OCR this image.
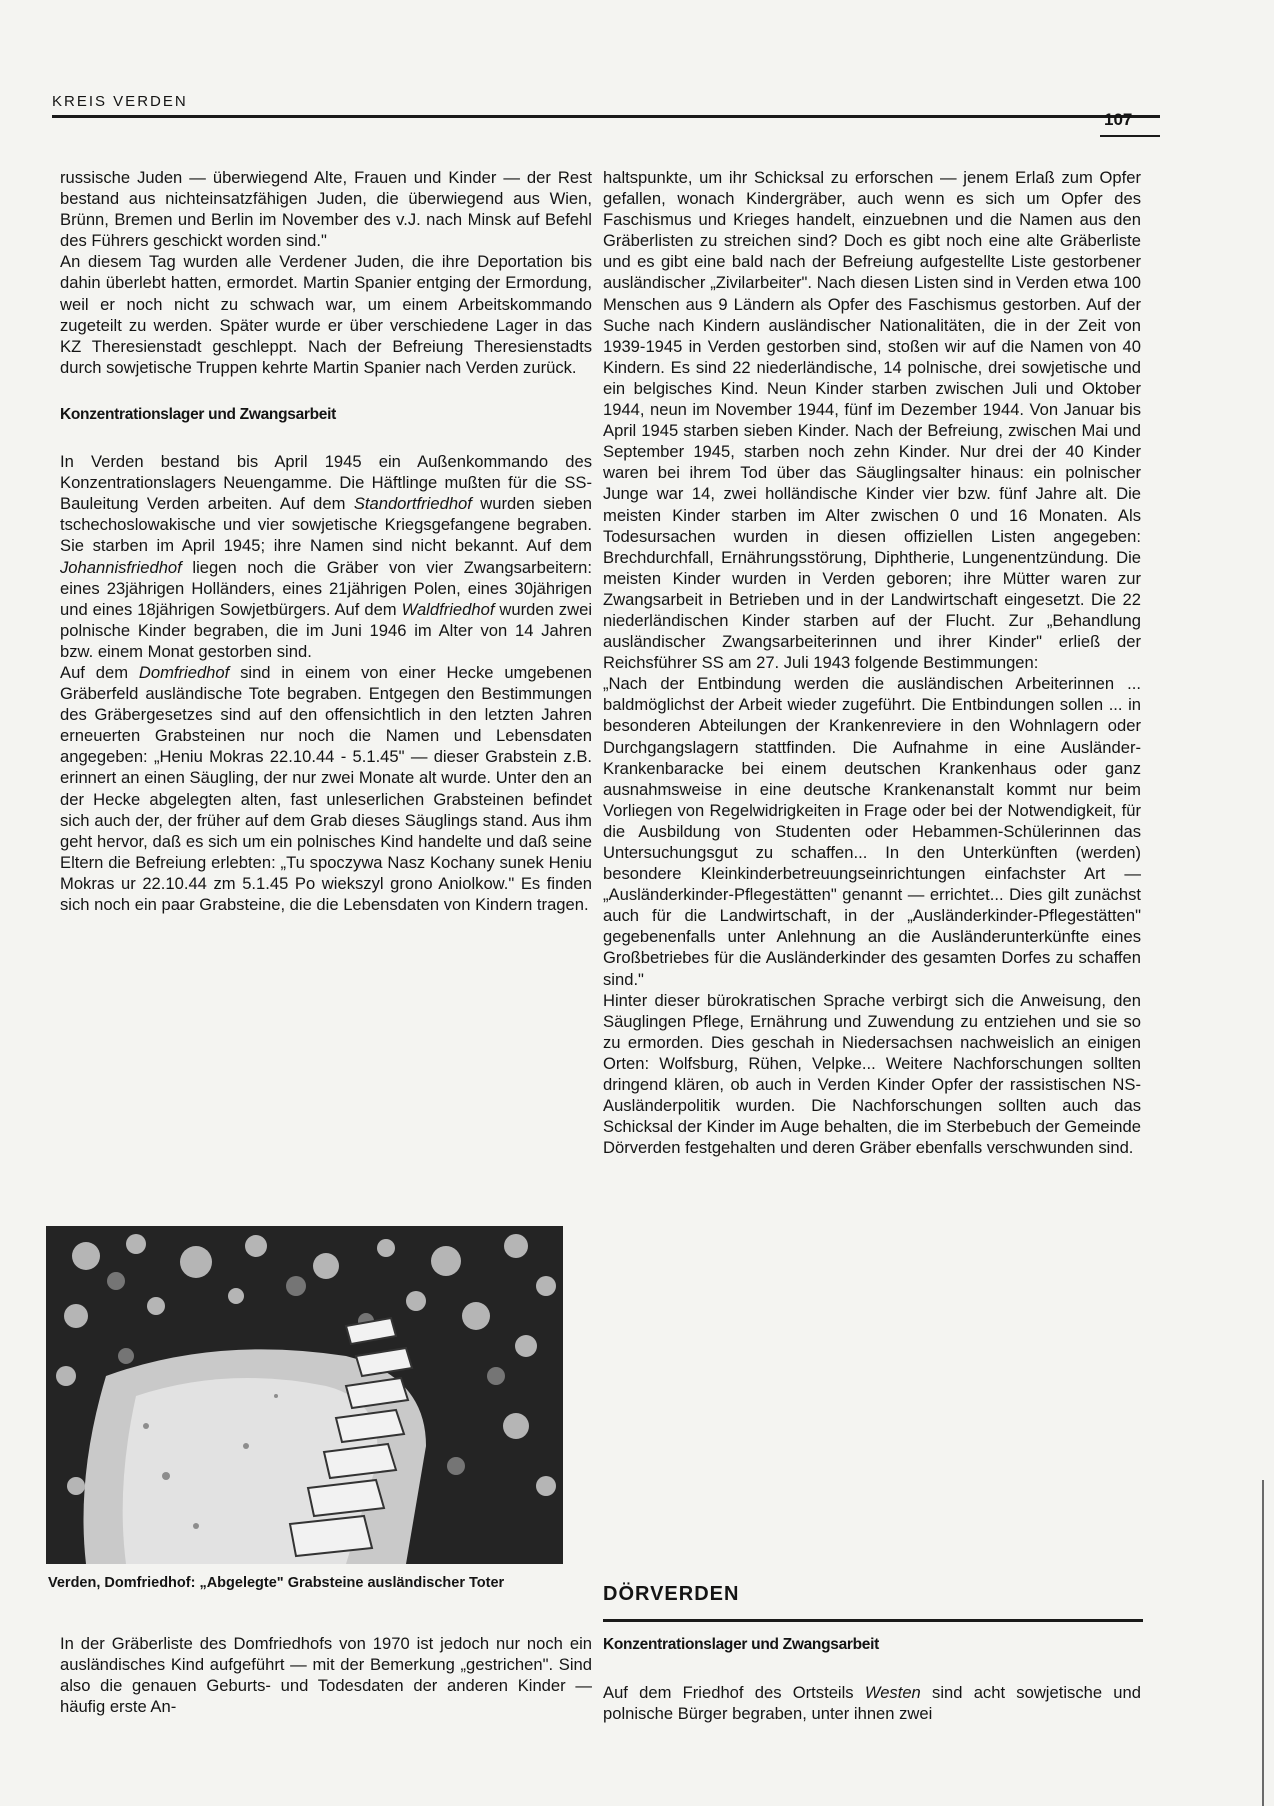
KREIS VERDEN
107

russische Juden — überwiegend Alte, Frauen und Kinder — der Rest bestand aus nichteinsatzfähigen Juden, die überwiegend aus Wien, Brünn, Bremen und Berlin im November des v.J. nach Minsk auf Befehl des Führers geschickt worden sind."

An diesem Tag wurden alle Verdener Juden, die ihre Deportation bis dahin überlebt hatten, ermordet. Martin Spanier entging der Ermordung, weil er noch nicht zu schwach war, um einem Arbeitskommando zugeteilt zu werden. Später wurde er über verschiedene Lager in das KZ Theresienstadt geschleppt. Nach der Befreiung Theresienstadts durch sowjetische Truppen kehrte Martin Spanier nach Verden zurück.

Konzentrationslager und Zwangsarbeit

In Verden bestand bis April 1945 ein Außenkommando des Konzentrationslagers Neuengamme. Die Häftlinge mußten für die SS-Bauleitung Verden arbeiten. Auf dem Standortfriedhof wurden sieben tschechoslowakische und vier sowjetische Kriegsgefangene begraben. Sie starben im April 1945; ihre Namen sind nicht bekannt. Auf dem Johannisfriedhof liegen noch die Gräber von vier Zwangsarbeitern: eines 23jährigen Holländers, eines 21jährigen Polen, eines 30jährigen und eines 18jährigen Sowjetbürgers. Auf dem Waldfriedhof wurden zwei polnische Kinder begraben, die im Juni 1946 im Alter von 14 Jahren bzw. einem Monat gestorben sind.

Auf dem Domfriedhof sind in einem von einer Hecke umgebenen Gräberfeld ausländische Tote begraben. Entgegen den Bestimmungen des Gräbergesetzes sind auf den offensichtlich in den letzten Jahren erneuerten Grabsteinen nur noch die Namen und Lebensdaten angegeben: „Heniu Mokras 22.10.44 - 5.1.45" — dieser Grabstein z.B. erinnert an einen Säugling, der nur zwei Monate alt wurde. Unter den an der Hecke abgelegten alten, fast unleserlichen Grabsteinen befindet sich auch der, der früher auf dem Grab dieses Säuglings stand. Aus ihm geht hervor, daß es sich um ein polnisches Kind handelte und daß seine Eltern die Befreiung erlebten: „Tu spoczywa Nasz Kochany sunek Heniu Mokras ur 22.10.44 zm 5.1.45 Po wiekszyl grono Aniolkow." Es finden sich noch ein paar Grabsteine, die die Lebensdaten von Kindern tragen.

Verden, Domfriedhof: „Abgelegte" Grabsteine ausländischer Toter

In der Gräberliste des Domfriedhofs von 1970 ist jedoch nur noch ein ausländisches Kind aufgeführt — mit der Bemerkung „gestrichen". Sind also die genauen Geburts- und Todesdaten der anderen Kinder — häufig erste An-

haltspunkte, um ihr Schicksal zu erforschen — jenem Erlaß zum Opfer gefallen, wonach Kindergräber, auch wenn es sich um Opfer des Faschismus und Krieges handelt, einzuebnen und die Namen aus den Gräberlisten zu streichen sind? Doch es gibt noch eine alte Gräberliste und es gibt eine bald nach der Befreiung aufgestellte Liste gestorbener ausländischer „Zivilarbeiter". Nach diesen Listen sind in Verden etwa 100 Menschen aus 9 Ländern als Opfer des Faschismus gestorben. Auf der Suche nach Kindern ausländischer Nationalitäten, die in der Zeit von 1939-1945 in Verden gestorben sind, stoßen wir auf die Namen von 40 Kindern. Es sind 22 niederländische, 14 polnische, drei sowjetische und ein belgisches Kind. Neun Kinder starben zwischen Juli und Oktober 1944, neun im November 1944, fünf im Dezember 1944. Von Januar bis April 1945 starben sieben Kinder. Nach der Befreiung, zwischen Mai und September 1945, starben noch zehn Kinder. Nur drei der 40 Kinder waren bei ihrem Tod über das Säuglingsalter hinaus: ein polnischer Junge war 14, zwei holländische Kinder vier bzw. fünf Jahre alt. Die meisten Kinder starben im Alter zwischen 0 und 16 Monaten. Als Todesursachen wurden in diesen offiziellen Listen angegeben: Brechdurchfall, Ernährungsstörung, Diphtherie, Lungenentzündung. Die meisten Kinder wurden in Verden geboren; ihre Mütter waren zur Zwangsarbeit in Betrieben und in der Landwirtschaft eingesetzt. Die 22 niederländischen Kinder starben auf der Flucht. Zur „Behandlung ausländischer Zwangsarbeiterinnen und ihrer Kinder" erließ der Reichsführer SS am 27. Juli 1943 folgende Bestimmungen:

„Nach der Entbindung werden die ausländischen Arbeiterinnen ... baldmöglichst der Arbeit wieder zugeführt. Die Entbindungen sollen ... in besonderen Abteilungen der Krankenreviere in den Wohnlagern oder Durchgangslagern stattfinden. Die Aufnahme in eine Ausländer-Krankenbaracke bei einem deutschen Krankenhaus oder ganz ausnahmsweise in eine deutsche Krankenanstalt kommt nur beim Vorliegen von Regelwidrigkeiten in Frage oder bei der Notwendigkeit, für die Ausbildung von Studenten oder Hebammen-Schülerinnen das Untersuchungsgut zu schaffen... In den Unterkünften (werden) besondere Kleinkinderbetreuungseinrichtungen einfachster Art — „Ausländerkinder-Pflegestätten" genannt — errichtet... Dies gilt zunächst auch für die Landwirtschaft, in der „Ausländerkinder-Pflegestätten" gegebenenfalls unter Anlehnung an die Ausländerunterkünfte eines Großbetriebes für die Ausländerkinder des gesamten Dorfes zu schaffen sind."

Hinter dieser bürokratischen Sprache verbirgt sich die Anweisung, den Säuglingen Pflege, Ernährung und Zuwendung zu entziehen und sie so zu ermorden. Dies geschah in Niedersachsen nachweislich an einigen Orten: Wolfsburg, Rühen, Velpke... Weitere Nachforschungen sollten dringend klären, ob auch in Verden Kinder Opfer der rassistischen NS-Ausländerpolitik wurden. Die Nachforschungen sollten auch das Schicksal der Kinder im Auge behalten, die im Sterbebuch der Gemeinde Dörverden festgehalten und deren Gräber ebenfalls verschwunden sind.

DÖRVERDEN

Konzentrationslager und Zwangsarbeit

Auf dem Friedhof des Ortsteils Westen sind acht sowjetische und polnische Bürger begraben, unter ihnen zwei
